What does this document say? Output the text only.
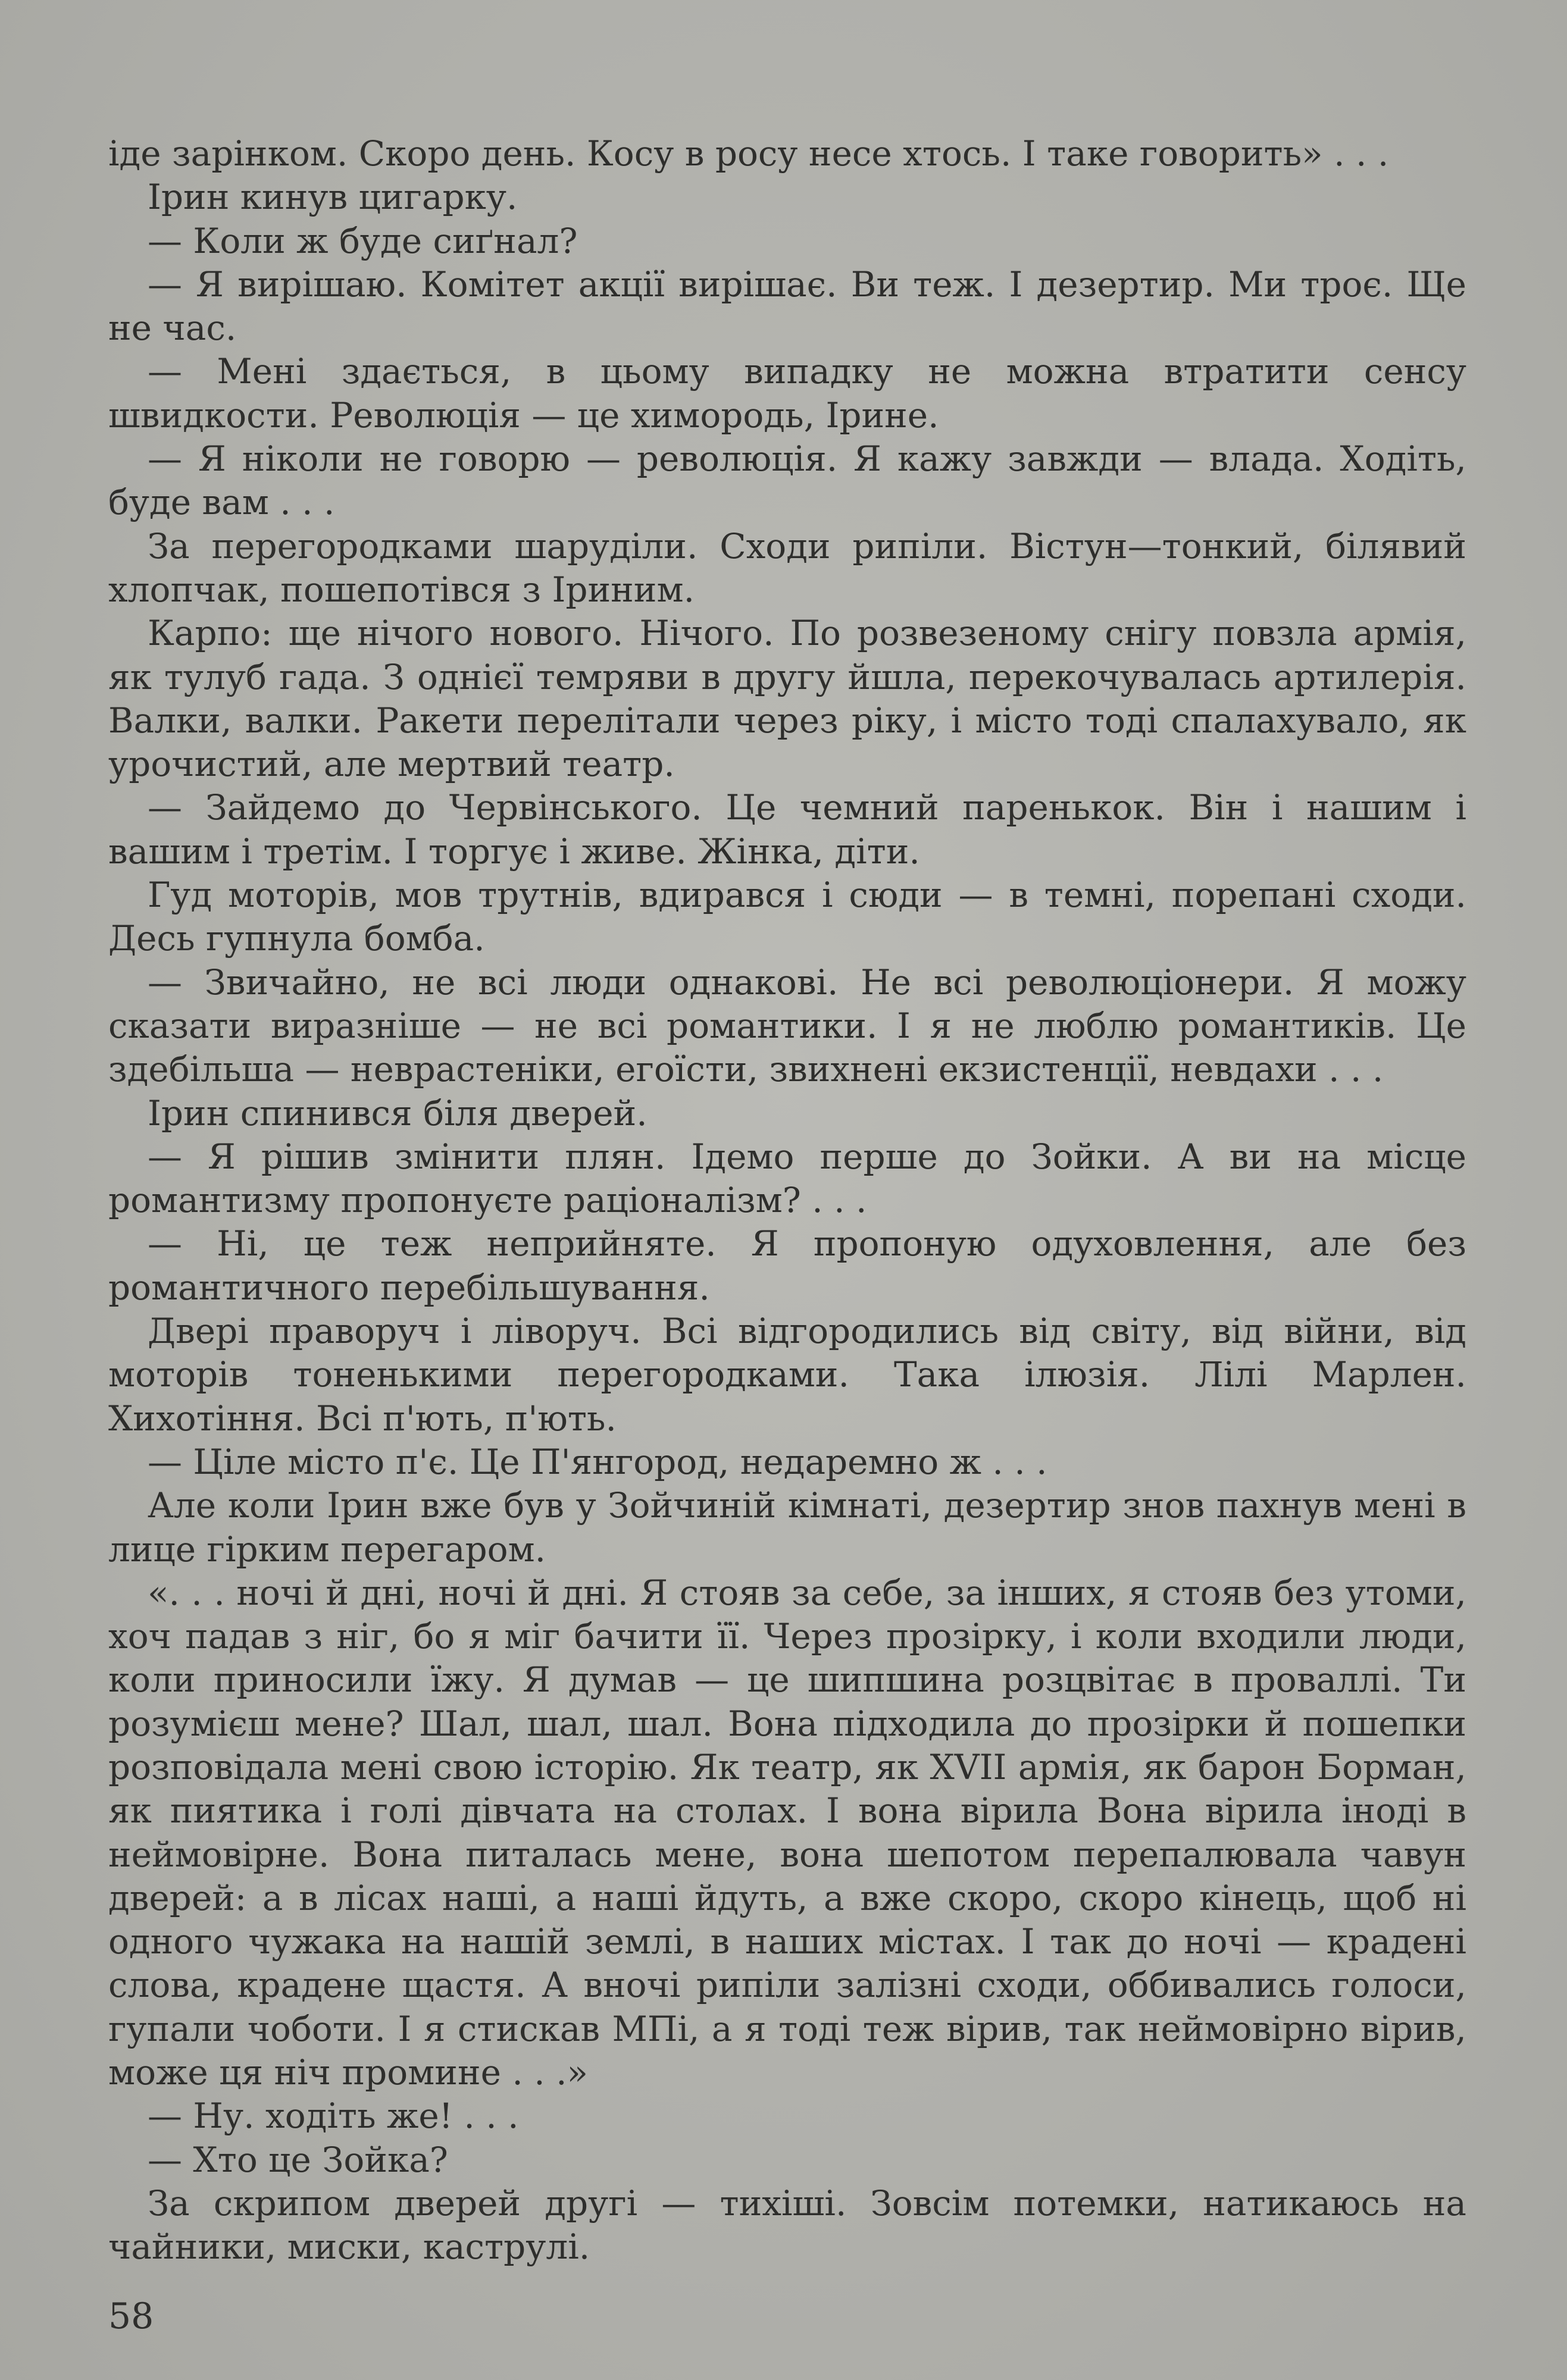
іде зарінком. Скоро день. Косу в росу несе хтось. І таке говорить» . . .

Ірин кинув цигарку.

— Коли ж буде сиґнал?

— Я вирішаю. Комітет акції вирішає. Ви теж. І дезертир. Ми троє. Ще не час.

— Мені здається, в цьому випадку не можна втратити сенсу швидкости. Революція — це химородь, Ірине.

— Я ніколи не говорю — революція. Я кажу завжди — влада. Ходіть, буде вам . . .

За перегородками шаруділи. Сходи рипіли. Вістун—тонкий, білявий хлопчак, пошепотівся з Іриним.

Карпо: ще нічого нового. Нічого. По розвезеному снігу повзла армія, як тулуб гада. З однієї темряви в другу йшла, перекочувалась артилерія. Валки, валки. Ракети перелітали через ріку, і місто тоді спалахувало, як урочистий, але мертвий театр.

— Зайдемо до Червінського. Це чемний паренькок. Він і нашим і вашим і третім. І торгує і живе. Жінка, діти.

Гуд моторів, мов трутнів, вдирався і сюди — в темні, порепані сходи. Десь гупнула бомба.

— Звичайно, не всі люди однакові. Не всі революціонери. Я можу сказати виразніше — не всі романтики. І я не люблю романтиків. Це здебільша — неврастеніки, егоїсти, звихнені екзистенції, невдахи . . .

Ірин спинився біля дверей.

— Я рішив змінити плян. Ідемо перше до Зойки. А ви на місце романтизму пропонуєте раціоналізм? . . .

— Ні, це теж неприйняте. Я пропоную одуховлення, але без романтичного перебільшування.

Двері праворуч і ліворуч. Всі відгородились від світу, від війни, від моторів тоненькими перегородками. Така ілюзія. Лілі Марлен. Хихотіння. Всі п'ють, п'ють.

— Ціле місто п'є. Це П'янгород, недаремно ж . . .

Але коли Ірин вже був у Зойчиній кімнаті, дезертир знов пахнув мені в лице гірким перегаром.

«. . . ночі й дні, ночі й дні. Я стояв за себе, за інших, я стояв без утоми, хоч падав з ніг, бо я міг бачити її. Через прозірку, і коли входили люди, коли приносили їжу. Я думав — це шипшина розцвітає в проваллі. Ти розумієш мене? Шал, шал, шал. Вона підходила до прозірки й пошепки розповідала мені свою історію. Як театр, як XVII армія, як барон Борман, як пиятика і голі дівчата на столах. І вона вірила Вона вірила іноді в неймовірне. Вона питалась мене, вона шепотом перепалювала чавун дверей: а в лісах наші, а наші йдуть, а вже скоро, скоро кінець, щоб ні одного чужака на нашій землі, в наших містах. І так до ночі — крадені слова, крадене щастя. А вночі рипіли залізні сходи, оббивались голоси, гупали чоботи. І я стискав МПі, а я тоді теж вірив, так неймовірно вірив, може ця ніч промине . . .»

— Ну. ходіть же! . . .

— Хто це Зойка?

За скрипом дверей другі — тихіші. Зовсім потемки, натикаюсь на чайники, миски, каструлі.

58
